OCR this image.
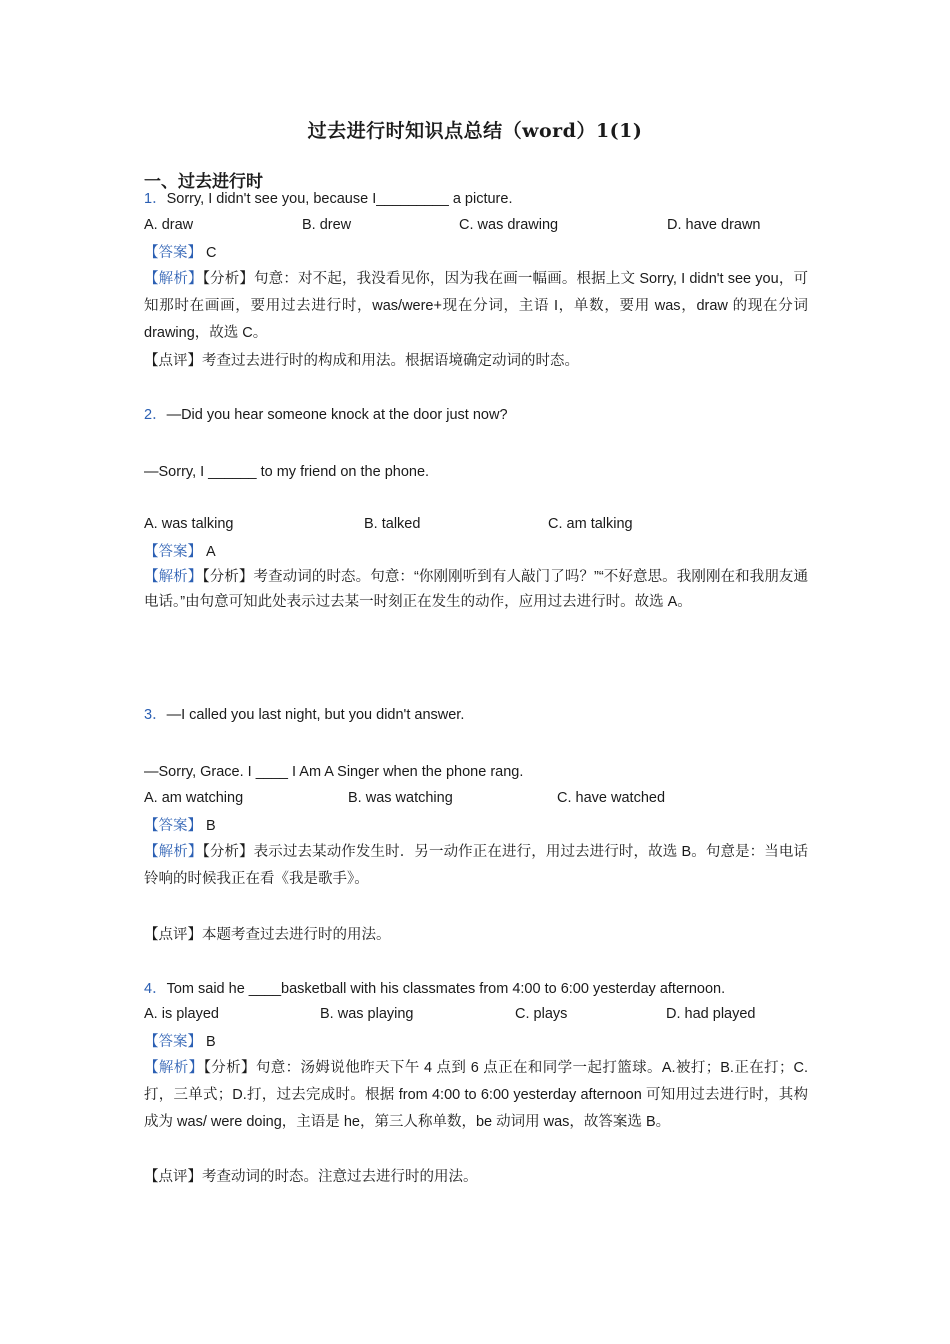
过去进行时知识点总结（word）1(1)
一、过去进行时
1．Sorry, I didn't see you, because I_________ a picture.
A. draw	B. drew	C. was drawing	D. have drawn
【答案】 C
【解析】【分析】句意：对不起，我没看见你，因为我在画一幅画。根据上文 Sorry, I didn't see you，可知那时在画画，要用过去进行时，was/were+现在分词，主语 I，单数，要用 was，draw 的现在分词 drawing，故选 C。
【点评】考查过去进行时的构成和用法。根据语境确定动词的时态。
2．—Did you hear someone knock at the door just now?
—Sorry, I ______ to my friend on the phone.
A. was talking	B. talked	C. am talking
【答案】 A
【解析】【分析】考查动词的时态。句意：“你刚刚听到有人敲门了吗？”“不好意思。我刚刚在和我朋友通电话。”由句意可知此处表示过去某一时刻正在发生的动作，应用过去进行时。故选 A。
3．—I called you last night, but you didn't answer.
—Sorry, Grace. I ____ I Am A Singer when the phone rang.
A. am watching	B. was watching	C. have watched
【答案】 B
【解析】【分析】表示过去某动作发生时．另一动作正在进行，用过去进行时，故选 B。句意是：当电话铃响的时候我正在看《我是歌手》。
【点评】本题考查过去进行时的用法。
4．Tom said he ____basketball with his classmates from 4:00 to 6:00 yesterday afternoon.
A. is played	B. was playing	C. plays	D. had played
【答案】 B
【解析】【分析】句意：汤姆说他昨天下午 4 点到 6 点正在和同学一起打篮球。A.被打；B.正在打；C.打，三单式；D.打，过去完成时。根据 from 4:00 to 6:00 yesterday afternoon 可知用过去进行时，其构成为 was/ were doing，主语是 he，第三人称单数，be 动词用 was，故答案选 B。
【点评】考查动词的时态。注意过去进行时的用法。
